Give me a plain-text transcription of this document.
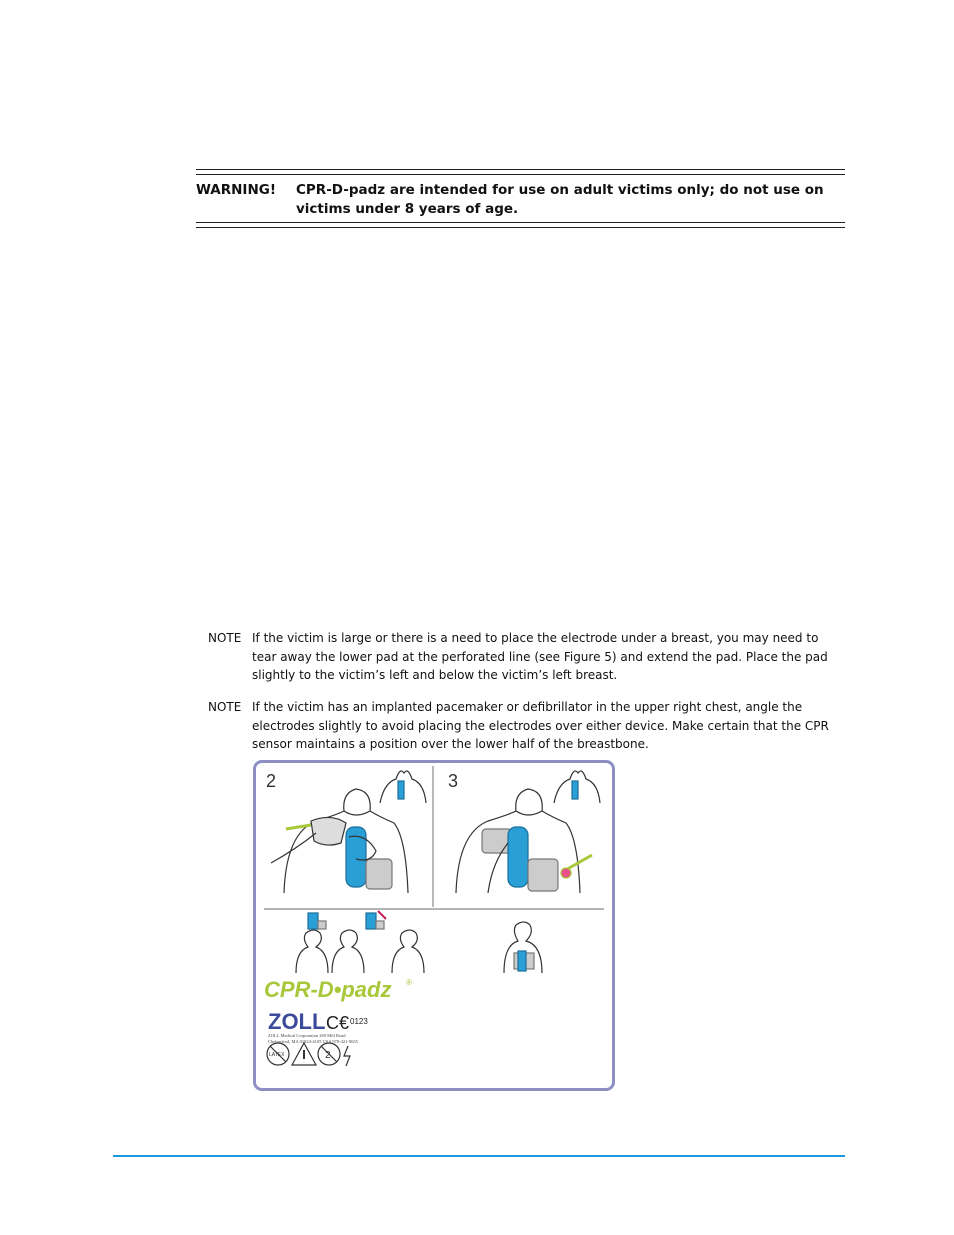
WARNING! CPR-D-padz are intended for use on adult victims only; do not use on victims under 8 years of age.
NOTE If the victim is large or there is a need to place the electrode under a breast, you may need to tear away the lower pad at the perforated line (see Figure 5) and extend the pad. Place the pad slightly to the victim’s left and below the victim’s left breast.
NOTE If the victim has an implanted pacemaker or defibrillator in the upper right chest, angle the electrodes slightly to avoid placing the electrodes over either device. Make certain that the CPR sensor maintains a position over the lower half of the breastbone.
2	3
CPR-D•padz ®
ZOLL C€ 0123
ZOLL Medical Corporation 269 Mill Road
Chelmsford, MA 01824-4105 USA 978-421-9655
LATEX	2
